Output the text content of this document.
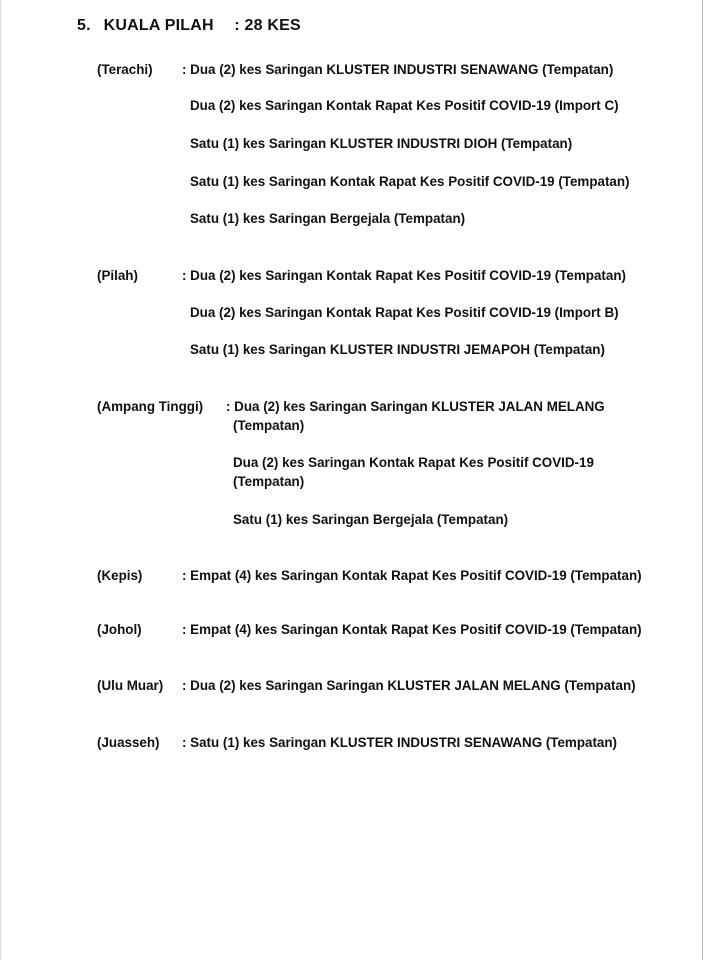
5. KUALA PILAH : 28 KES
(Terachi) : Dua (2) kes Saringan KLUSTER INDUSTRI SENAWANG (Tempatan)
Dua (2) kes Saringan Kontak Rapat Kes Positif COVID-19 (Import C)
Satu (1) kes Saringan KLUSTER INDUSTRI DIOH (Tempatan)
Satu (1) kes Saringan Kontak Rapat Kes Positif COVID-19 (Tempatan)
Satu (1) kes Saringan Bergejala (Tempatan)
(Pilah)	: Dua (2) kes Saringan Kontak Rapat Kes Positif COVID-19 (Tempatan)
Dua (2) kes Saringan Kontak Rapat Kes Positif COVID-19 (Import B)
Satu (1) kes Saringan KLUSTER INDUSTRI JEMAPOH (Tempatan)
(Ampang Tinggi) : Dua (2) kes Saringan Saringan KLUSTER JALAN MELANG
(Tempatan)
Dua (2) kes Saringan Kontak Rapat Kes Positif COVID-19
(Tempatan)
Satu (1) kes Saringan Bergejala (Tempatan)
(Kepis)	: Empat (4) kes Saringan Kontak Rapat Kes Positif COVID-19 (Tempatan)
(Johol)	: Empat (4) kes Saringan Kontak Rapat Kes Positif COVID-19 (Tempatan)
(Ulu Muar) : Dua (2) kes Saringan Saringan KLUSTER JALAN MELANG (Tempatan)
(Juasseh) : Satu (1) kes Saringan KLUSTER INDUSTRI SENAWANG (Tempatan)
